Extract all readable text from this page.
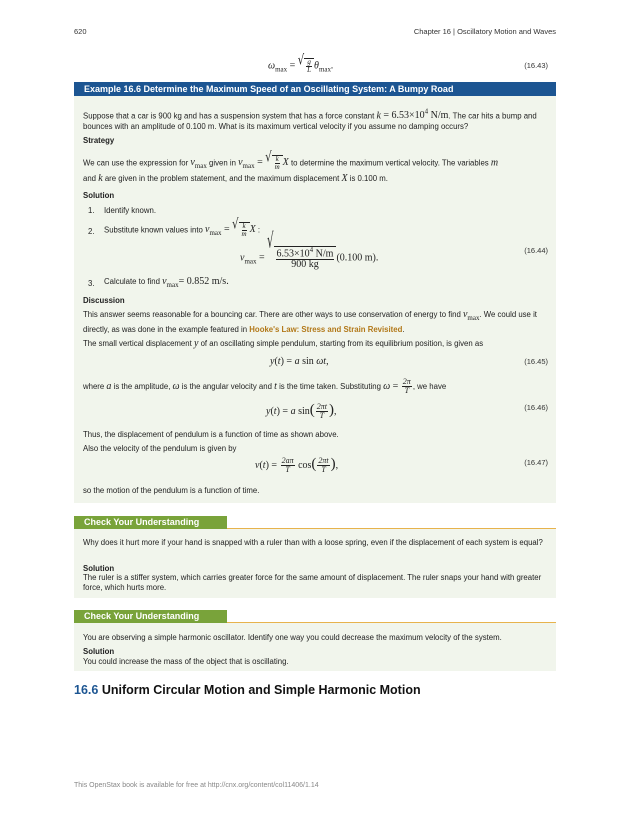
620	Chapter 16 | Oscillatory Motion and Waves
$\omega_{max}$ = √ $\frac{g}{L} \theta_{max}$.	(16.43)
Example 16.6 Determine the Maximum Speed of an Oscillating System: A Bumpy Road
Suppose that a car is 900 kg and has a suspension system that has a force constant $k = 6.53\times 10^4$ N/m. The car hits a bump and bounces with an amplitude of 0.100 m. What is its maximum vertical velocity if you assume no damping occurs?
Strategy
We can use the expression for $v_{max}$ given in $v_{max}$ = √ $\frac{k}{m}$ X to determine the maximum vertical velocity. The variables m
and k are given in the problem statement, and the maximum displacement X is 0.100 m.
Solution
1. Identify known.
2. Substitute known values into $v_{max}$ = √ $\frac{k}{m}$ X :
$v_{max}$ =
√
$\frac{6.53\times 10^4 N/m}{900 kg} (0.100$ m).
(16.44)
3. Calculate to find $v_{max}= 0.852$ m/s.
Discussion
This answer seems reasonable for a bouncing car. There are other ways to use conservation of energy to find $v_{max}$. We could use it directly, as was done in the example featured in Hooke's Law: Stress and Strain Revisited.
The small vertical displacement y of an oscillating simple pendulum, starting from its equilibrium position, is given as
y(t) = a sin ωt,	(16.45)
where a is the amplitude, ω is the angular velocity and t is the time taken. Substituting $\omega = \frac{2\pi}{T}$ , we have
y(t) = a $\sin( \frac{2\pi t}{T}$ ),	(16.46)
Thus, the displacement of pendulum is a function of time as shown above.
Also the velocity of the pendulum is given by
$v(t) = \frac{2a\pi}{T} \cos( \frac{2\pi t}{T}$ ),	(16.47)
so the motion of the pendulum is a function of time.
Check Your Understanding
Why does it hurt more if your hand is snapped with a ruler than with a loose spring, even if the displacement of each system is equal?
Solution
The ruler is a stiffer system, which carries greater force for the same amount of displacement. The ruler snaps your hand with greater force, which hurts more.
Check Your Understanding
You are observing a simple harmonic oscillator. Identify one way you could decrease the maximum velocity of the system.
Solution
You could increase the mass of the object that is oscillating.
16.6 Uniform Circular Motion and Simple Harmonic Motion
This OpenStax book is available for free at http://cnx.org/content/col11406/1.14
